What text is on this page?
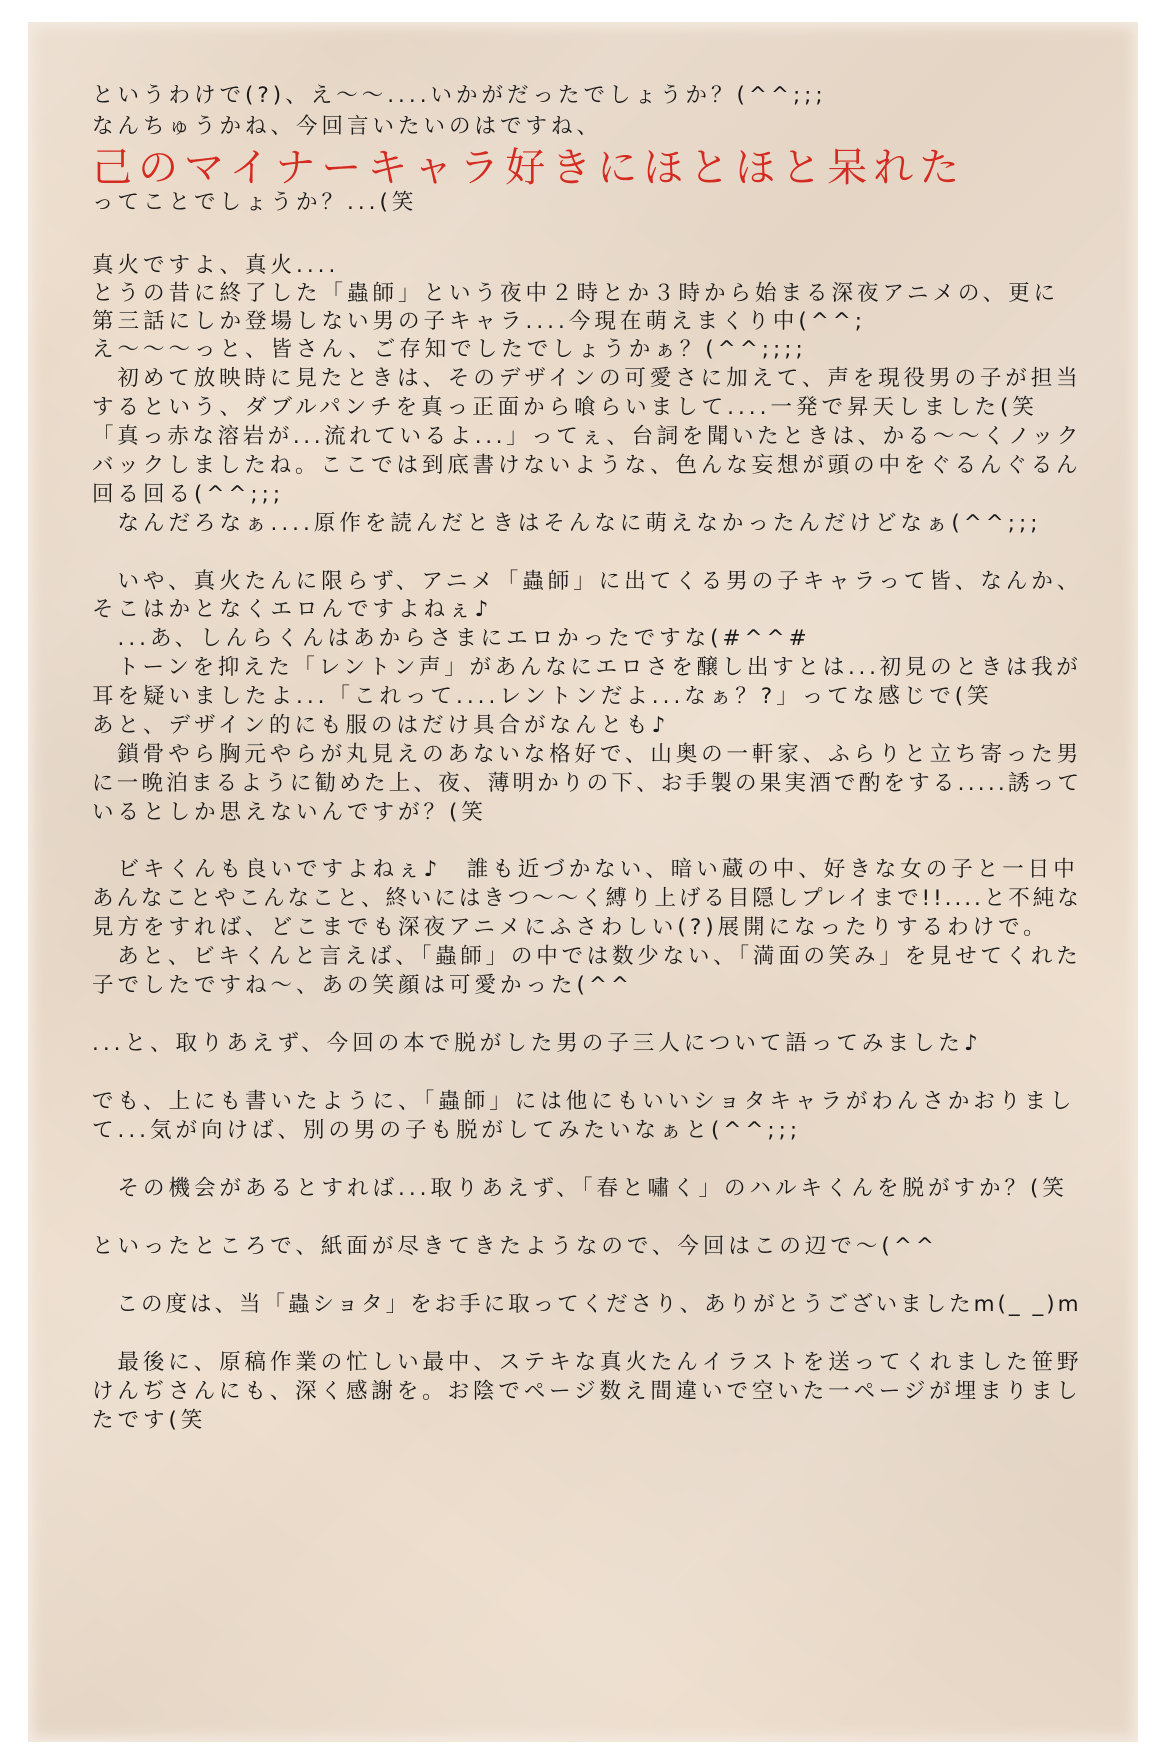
というわけで(?)、え〜〜....いかがだったでしょうか？(^^;;;
なんちゅうかね、今回言いたいのはですね、
己のマイナーキャラ好きにほとほと呆れた
ってことでしょうか？...(笑
真火ですよ、真火....
とうの昔に終了した「蟲師」という夜中２時とか３時から始まる深夜アニメの、更に
第三話にしか登場しない男の子キャラ....今現在萌えまくり中(^^;
え〜〜〜っと、皆さん、ご存知でしたでしょうかぁ？(^^;;;;
　初めて放映時に見たときは、そのデザインの可愛さに加えて、声を現役男の子が担当
するという、ダブルパンチを真っ正面から喰らいまして....一発で昇天しました(笑
「真っ赤な溶岩が...流れているよ...」ってぇ、台詞を聞いたときは、かる〜〜くノック
バックしましたね。ここでは到底書けないような、色んな妄想が頭の中をぐるんぐるん
回る回る(^^;;;
　なんだろなぁ....原作を読んだときはそんなに萌えなかったんだけどなぁ(^^;;;
　いや、真火たんに限らず、アニメ「蟲師」に出てくる男の子キャラって皆、なんか、
そこはかとなくエロんですよねぇ♪
　...あ、しんらくんはあからさまにエロかったですな(#^^#
　トーンを抑えた「レントン声」があんなにエロさを醸し出すとは...初見のときは我が
耳を疑いましたよ...「これって....レントンだよ...なぁ？?」ってな感じで(笑
あと、デザイン的にも服のはだけ具合がなんとも♪
　鎖骨やら胸元やらが丸見えのあないな格好で、山奥の一軒家、ふらりと立ち寄った男
に一晩泊まるように勧めた上、夜、薄明かりの下、お手製の果実酒で酌をする.....誘って
いるとしか思えないんですが？(笑
　ビキくんも良いですよねぇ♪　誰も近づかない、暗い蔵の中、好きな女の子と一日中
あんなことやこんなこと、終いにはきつ〜〜く縛り上げる目隠しプレイまで!!....と不純な
見方をすれば、どこまでも深夜アニメにふさわしい(?)展開になったりするわけで。
　あと、ビキくんと言えば、「蟲師」の中では数少ない、「満面の笑み」を見せてくれた
子でしたですね〜、あの笑顔は可愛かった(^^
...と、取りあえず、今回の本で脱がした男の子三人について語ってみました♪
でも、上にも書いたように、「蟲師」には他にもいいショタキャラがわんさかおりまし
て...気が向けば、別の男の子も脱がしてみたいなぁと(^^;;;
　その機会があるとすれば...取りあえず、「春と嘯く」のハルキくんを脱がすか？(笑
といったところで、紙面が尽きてきたようなので、今回はこの辺で〜(^^
　この度は、当「蟲ショタ」をお手に取ってくださり、ありがとうございましたm(_ _)m
　最後に、原稿作業の忙しい最中、ステキな真火たんイラストを送ってくれました笹野
けんぢさんにも、深く感謝を。お陰でページ数え間違いで空いた一ページが埋まりまし
たです(笑
